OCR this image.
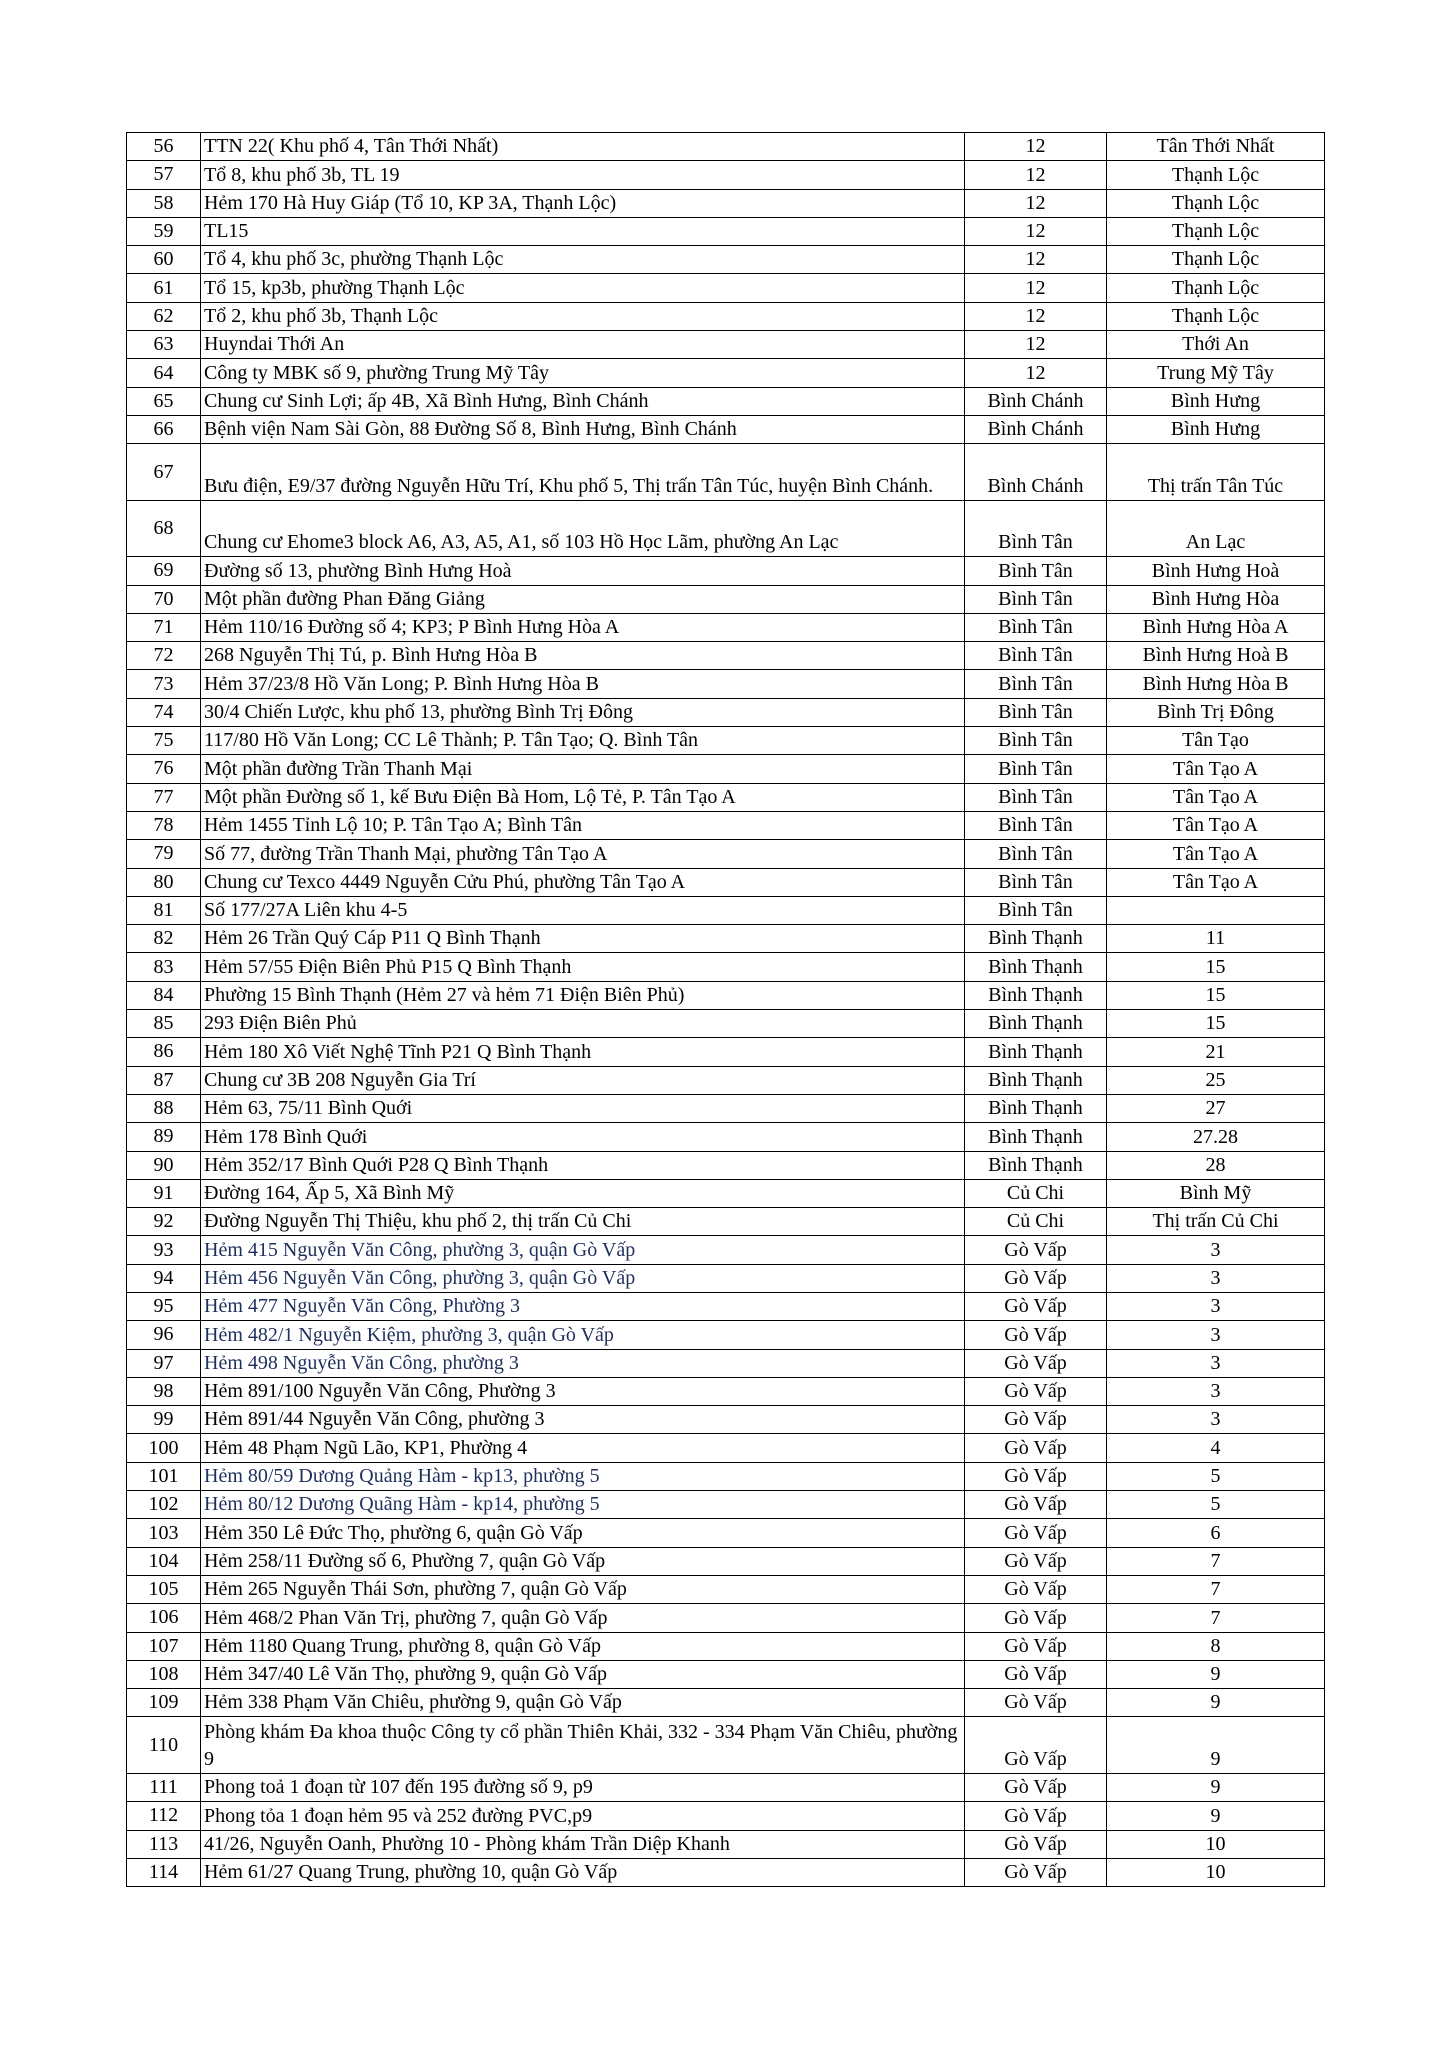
56	TTN 22( Khu phố 4, Tân Thới Nhất)	12	Tân Thới Nhất
57	Tổ 8, khu phố 3b, TL 19	12	Thạnh Lộc
58	Hẻm 170 Hà Huy Giáp (Tổ 10, KP 3A, Thạnh Lộc)	12	Thạnh Lộc
59	TL15	12	Thạnh Lộc
60	Tổ 4, khu phố 3c, phường Thạnh Lộc	12	Thạnh Lộc
61	Tổ 15, kp3b, phường Thạnh Lộc	12	Thạnh Lộc
62	Tổ 2, khu phố 3b, Thạnh Lộc	12	Thạnh Lộc
63	Huyndai Thới An	12	Thới An
64	Công ty MBK số 9, phường Trung Mỹ Tây	12	Trung Mỹ Tây
65	Chung cư Sinh Lợi; ấp 4B, Xã Bình Hưng, Bình Chánh	Bình Chánh	Bình Hưng
66	Bệnh viện Nam Sài Gòn, 88 Đường Số 8, Bình Hưng, Bình Chánh	Bình Chánh	Bình Hưng
67	Bưu điện, E9/37 đường Nguyễn Hữu Trí, Khu phố 5, Thị trấn Tân Túc, huyện Bình Chánh.	Bình Chánh	Thị trấn Tân Túc
68	Chung cư Ehome3 block A6, A3, A5, A1, số 103 Hồ Học Lãm, phường An Lạc	Bình Tân	An Lạc
69	Đường số 13, phường Bình Hưng Hoà	Bình Tân	Bình Hưng Hoà
70	Một phần đường Phan Đăng Giảng	Bình Tân	Bình Hưng Hòa
71	Hẻm 110/16 Đường số 4; KP3; P Bình Hưng Hòa A	Bình Tân	Bình Hưng Hòa A
72	268 Nguyễn Thị Tú, p. Bình Hưng Hòa B	Bình Tân	Bình Hưng Hoà B
73	Hẻm 37/23/8 Hồ Văn Long; P. Bình Hưng Hòa B	Bình Tân	Bình Hưng Hòa B
74	30/4 Chiến Lược, khu phố 13, phường Bình Trị Đông	Bình Tân	Bình Trị Đông
75	117/80 Hồ Văn Long; CC Lê Thành; P. Tân Tạo; Q. Bình Tân	Bình Tân	Tân Tạo
76	Một phần đường Trần Thanh Mại	Bình Tân	Tân Tạo A
77	Một phần Đường số 1, kế Bưu Điện Bà Hom, Lộ Tẻ, P. Tân Tạo A	Bình Tân	Tân Tạo A
78	Hẻm 1455 Tỉnh Lộ 10; P. Tân Tạo A; Bình Tân	Bình Tân	Tân Tạo A
79	Số 77, đường Trần Thanh Mại, phường Tân Tạo A	Bình Tân	Tân Tạo A
80	Chung cư Texco 4449 Nguyễn Cửu Phú, phường Tân Tạo A	Bình Tân	Tân Tạo A
81	Số 177/27A Liên khu 4-5	Bình Tân	
82	Hẻm 26 Trần Quý Cáp P11 Q Bình Thạnh	Bình Thạnh	11
83	Hẻm 57/55 Điện Biên Phủ P15 Q Bình Thạnh	Bình Thạnh	15
84	Phường 15 Bình Thạnh (Hẻm 27 và hẻm 71 Điện Biên Phủ)	Bình Thạnh	15
85	293 Điện Biên Phủ	Bình Thạnh	15
86	Hẻm 180 Xô Viết Nghệ Tĩnh P21 Q Bình Thạnh	Bình Thạnh	21
87	Chung cư 3B 208 Nguyễn Gia Trí	Bình Thạnh	25
88	Hẻm 63, 75/11 Bình Quới	Bình Thạnh	27
89	Hẻm 178 Bình Quới	Bình Thạnh	27.28
90	Hẻm 352/17 Bình Quới P28 Q Bình Thạnh	Bình Thạnh	28
91	Đường 164, Ấp 5, Xã Bình Mỹ	Củ Chi	Bình Mỹ
92	Đường Nguyễn Thị Thiệu, khu phố 2, thị trấn Củ Chi	Củ Chi	Thị trấn Củ Chi
93	Hẻm 415 Nguyễn Văn Công, phường 3, quận Gò Vấp	Gò Vấp	3
94	Hẻm 456 Nguyễn Văn Công, phường 3, quận Gò Vấp	Gò Vấp	3
95	Hẻm 477 Nguyễn Văn Công, Phường 3	Gò Vấp	3
96	Hẻm 482/1 Nguyễn Kiệm, phường 3, quận Gò Vấp	Gò Vấp	3
97	Hẻm 498 Nguyễn Văn Công, phường 3	Gò Vấp	3
98	Hẻm 891/100 Nguyễn Văn Công, Phường 3	Gò Vấp	3
99	Hẻm 891/44 Nguyễn Văn Công, phường 3	Gò Vấp	3
100	Hẻm 48 Phạm Ngũ Lão, KP1, Phường 4	Gò Vấp	4
101	Hẻm 80/59 Dương Quảng Hàm - kp13, phường 5	Gò Vấp	5
102	Hẻm 80/12 Dương Quãng Hàm - kp14, phường 5	Gò Vấp	5
103	Hẻm 350 Lê Đức Thọ, phường 6, quận Gò Vấp	Gò Vấp	6
104	Hẻm 258/11 Đường số 6, Phường 7, quận Gò Vấp	Gò Vấp	7
105	Hẻm 265 Nguyễn Thái Sơn, phường 7, quận Gò Vấp	Gò Vấp	7
106	Hẻm 468/2 Phan Văn Trị, phường 7, quận Gò Vấp	Gò Vấp	7
107	Hẻm 1180 Quang Trung, phường 8, quận Gò Vấp	Gò Vấp	8
108	Hẻm 347/40 Lê Văn Thọ, phường 9, quận Gò Vấp	Gò Vấp	9
109	Hẻm 338 Phạm Văn Chiêu, phường 9, quận Gò Vấp	Gò Vấp	9
110	Phòng khám Đa khoa thuộc Công ty cổ phần Thiên Khải, 332 - 334 Phạm Văn Chiêu, phường 9	Gò Vấp	9
111	Phong toả 1 đoạn từ 107 đến 195 đường số 9, p9	Gò Vấp	9
112	Phong tỏa 1 đoạn hẻm 95 và 252 đường PVC,p9	Gò Vấp	9
113	41/26, Nguyễn Oanh, Phường 10 - Phòng khám Trần Diệp Khanh	Gò Vấp	10
114	Hẻm 61/27 Quang Trung, phường 10, quận Gò Vấp	Gò Vấp	10
